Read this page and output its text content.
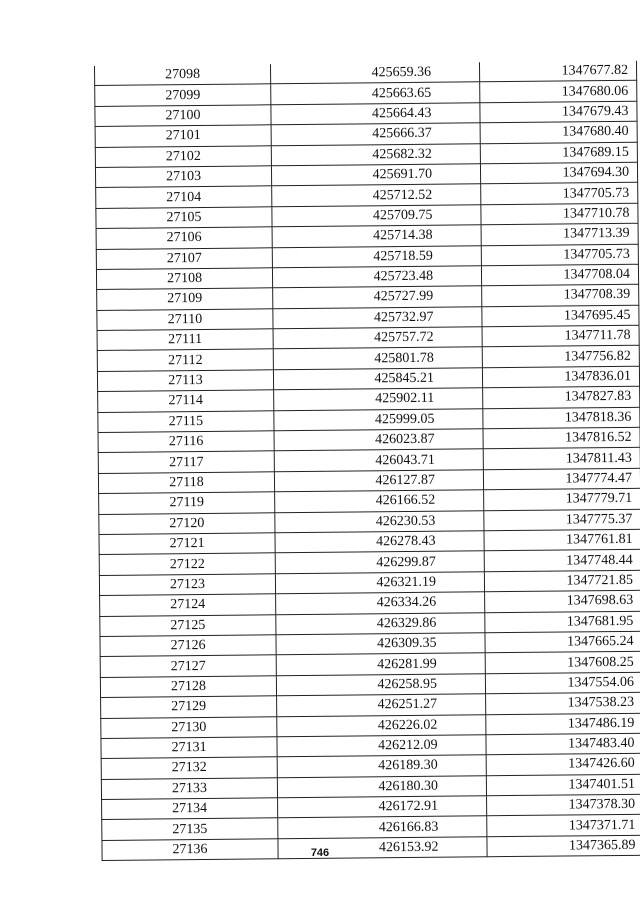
27098	425659.36	1347677.82
27099	425663.65	1347680.06
27100	425664.43	1347679.43
27101	425666.37	1347680.40
27102	425682.32	1347689.15
27103	425691.70	1347694.30
27104	425712.52	1347705.73
27105	425709.75	1347710.78
27106	425714.38	1347713.39
27107	425718.59	1347705.73
27108	425723.48	1347708.04
27109	425727.99	1347708.39
27110	425732.97	1347695.45
27111	425757.72	1347711.78
27112	425801.78	1347756.82
27113	425845.21	1347836.01
27114	425902.11	1347827.83
27115	425999.05	1347818.36
27116	426023.87	1347816.52
27117	426043.71	1347811.43
27118	426127.87	1347774.47
27119	426166.52	1347779.71
27120	426230.53	1347775.37
27121	426278.43	1347761.81
27122	426299.87	1347748.44
27123	426321.19	1347721.85
27124	426334.26	1347698.63
27125	426329.86	1347681.95
27126	426309.35	1347665.24
27127	426281.99	1347608.25
27128	426258.95	1347554.06
27129	426251.27	1347538.23
27130	426226.02	1347486.19
27131	426212.09	1347483.40
27132	426189.30	1347426.60
27133	426180.30	1347401.51
27134	426172.91	1347378.30
27135	426166.83	1347371.71
27136	426153.92	1347365.89
746
